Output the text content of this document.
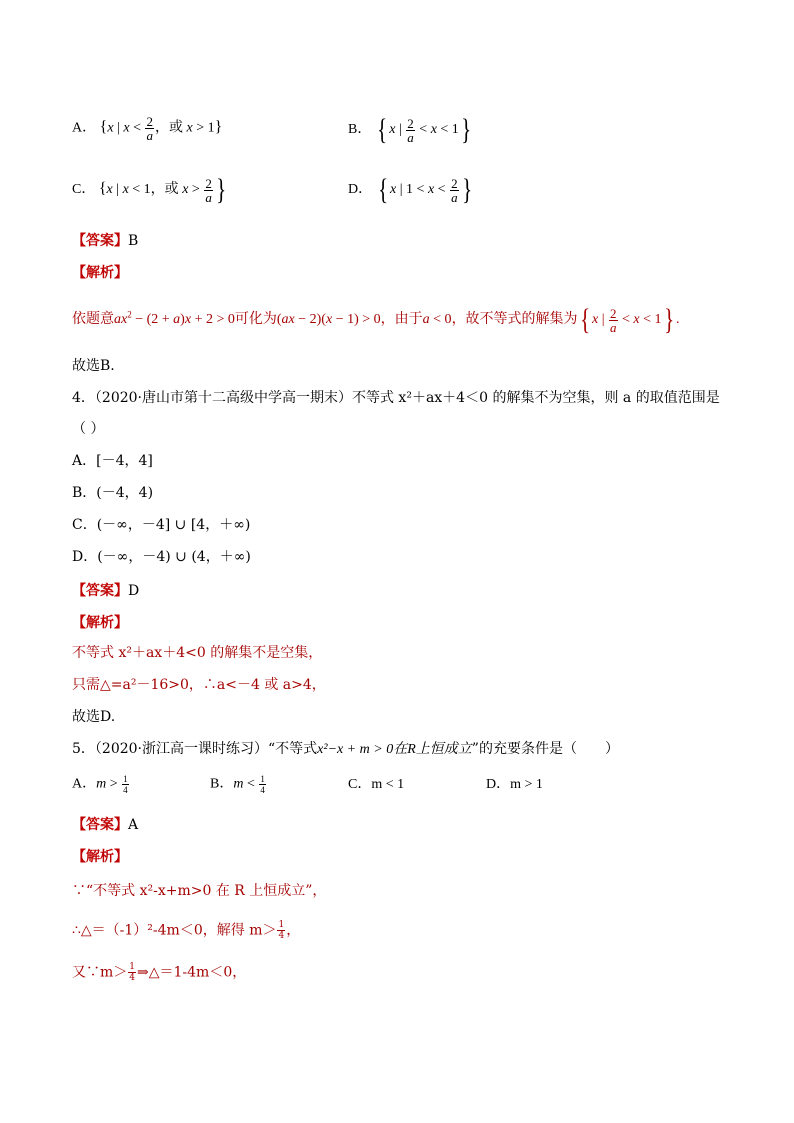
A． {x | $x < \frac{2}{a}$ ，或 x > 1}	B． { x | $\frac{2}{a} < x < 1$}
C． {x | x < 1，或 $x > \frac{2}{a}$ }	D． { x | $1 < x < \frac{2}{a}$ }
【答案】B
【解析】
依题意$ax^2 - (2 + a)x + 2 > 0$可化为(ax − 2)(x − 1) > 0，由于a < 0，故不等式的解集为{ x | $\frac{2}{a} < x < 1$} .
故选B.
4．（2020·唐山市第十二高级中学高一期末）不等式 x²＋ax＋4＜0 的解集不为空集，则 a 的取值范围是
（ ）
A．[－4，4]
B．(－4，4)
C．(－∞，－4] ∪ [4，＋∞)
D．(－∞，－4) ∪ (4，＋∞)
【答案】D
【解析】
不等式 x²＋ax＋4<0 的解集不是空集，
只需△=a²－16>0，∴a<－4 或 a>4，
故选D.
5．（2020·浙江高一课时练习）“不等式x²−x + m > 0在R上恒成立”的充要条件是（　　）
A．$m > \frac{1}{4}$	B．$m < \frac{1}{4}$	C．m < 1	D．m > 1
【答案】A
【解析】
∵“不等式 x²-x+m>0 在 R 上恒成立”，
∴△＝（-1）²-4m＜0，解得 $m> \frac{1}{4}$ ，
又∵m＞ $\frac{1}{4}$ ⇒△＝1-4m＜0，
